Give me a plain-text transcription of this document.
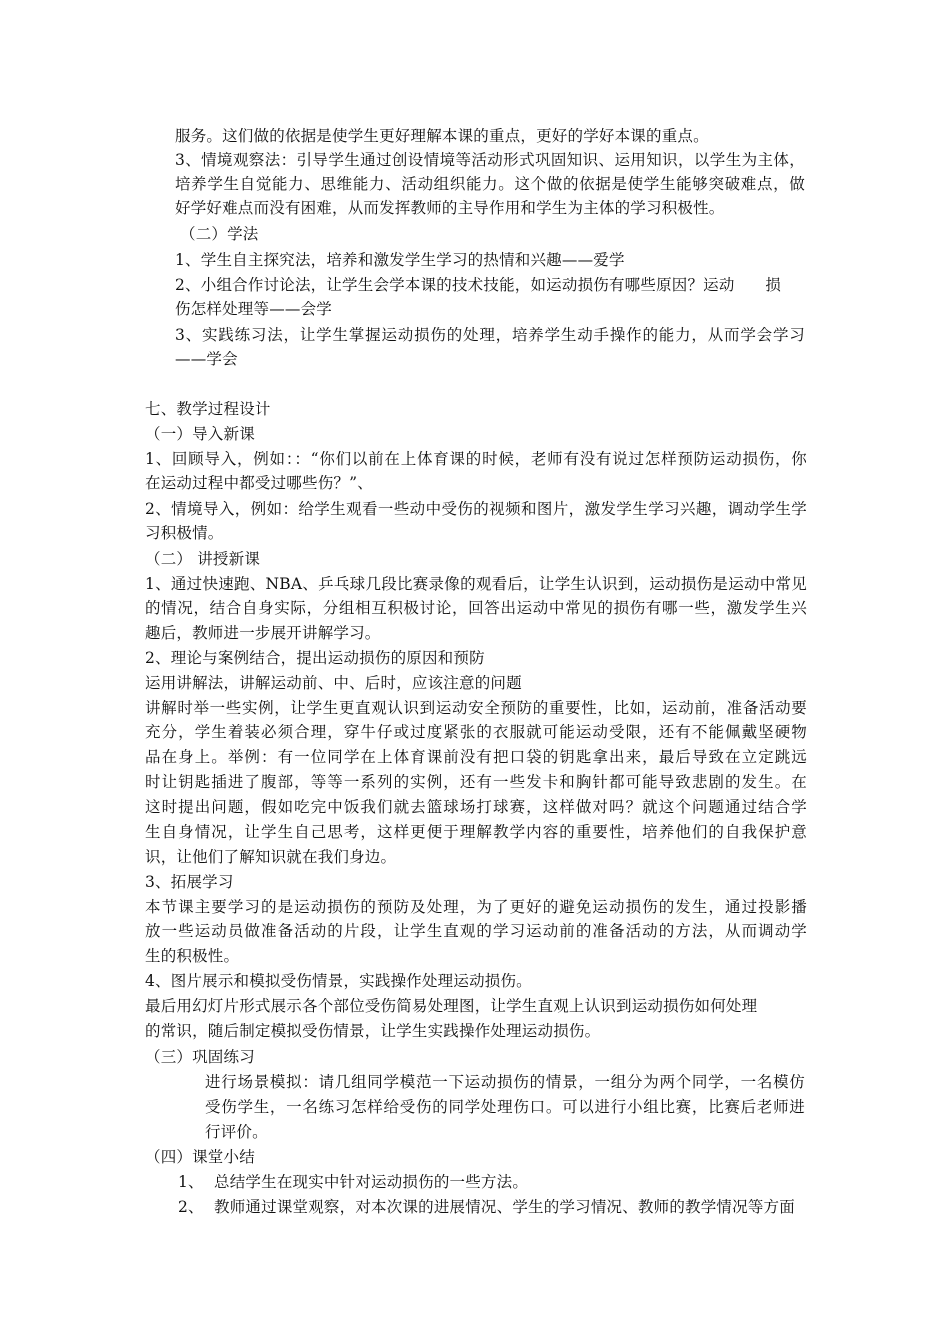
服务。这们做的依据是使学生更好理解本课的重点，更好的学好本课的重点。
3、情境观察法：引导学生通过创设情境等活动形式巩固知识、运用知识，以学生为主体，
培养学生自觉能力、思维能力、活动组织能力。这个做的依据是使学生能够突破难点，做
好学好难点而没有困难，从而发挥教师的主导作用和学生为主体的学习积极性。
（二）学法
1、学生自主探究法，培养和激发学生学习的热情和兴趣——爱学
2、小组合作讨论法，让学生会学本课的技术技能，如运动损伤有哪些原因？运动      损
伤怎样处理等——会学
3、实践练习法，让学生掌握运动损伤的处理，培养学生动手操作的能力，从而学会学习
——学会
七、教学过程设计
（一）导入新课
1、回顾导入，例如：：“你们以前在上体育课的时候，老师有没有说过怎样预防运动损伤，你
在运动过程中都受过哪些伤？”、
2、情境导入，例如：给学生观看一些动中受伤的视频和图片，激发学生学习兴趣，调动学生学
习积极情。
（二） 讲授新课
1、通过快速跑、NBA、乒乓球几段比赛录像的观看后，让学生认识到，运动损伤是运动中常见
的情况，结合自身实际，分组相互积极讨论，回答出运动中常见的损伤有哪一些，激发学生兴
趣后，教师进一步展开讲解学习。
2、理论与案例结合，提出运动损伤的原因和预防
运用讲解法，讲解运动前、中、后时，应该注意的问题
讲解时举一些实例，让学生更直观认识到运动安全预防的重要性，比如，运动前，准备活动要
充分，学生着装必须合理，穿牛仔或过度紧张的衣服就可能运动受限，还有不能佩戴坚硬物
品在身上。举例：有一位同学在上体育课前没有把口袋的钥匙拿出来，最后导致在立定跳远
时让钥匙插进了腹部，等等一系列的实例，还有一些发卡和胸针都可能导致悲剧的发生。在
这时提出问题，假如吃完中饭我们就去篮球场打球赛，这样做对吗？就这个问题通过结合学
生自身情况，让学生自己思考，这样更便于理解教学内容的重要性，培养他们的自我保护意
识，让他们了解知识就在我们身边。
3、拓展学习
本节课主要学习的是运动损伤的预防及处理，为了更好的避免运动损伤的发生，通过投影播
放一些运动员做准备活动的片段，让学生直观的学习运动前的准备活动的方法，从而调动学
生的积极性。
4、图片展示和模拟受伤情景，实践操作处理运动损伤。
最后用幻灯片形式展示各个部位受伤简易处理图，让学生直观上认识到运动损伤如何处理
的常识，随后制定模拟受伤情景，让学生实践操作处理运动损伤。
（三）巩固练习
进行场景模拟：请几组同学模范一下运动损伤的情景，一组分为两个同学，一名模仿
受伤学生，一名练习怎样给受伤的同学处理伤口。可以进行小组比赛，比赛后老师进
行评价。
（四）课堂小结
1、  总结学生在现实中针对运动损伤的一些方法。
2、  教师通过课堂观察，对本次课的进展情况、学生的学习情况、教师的教学情况等方面
